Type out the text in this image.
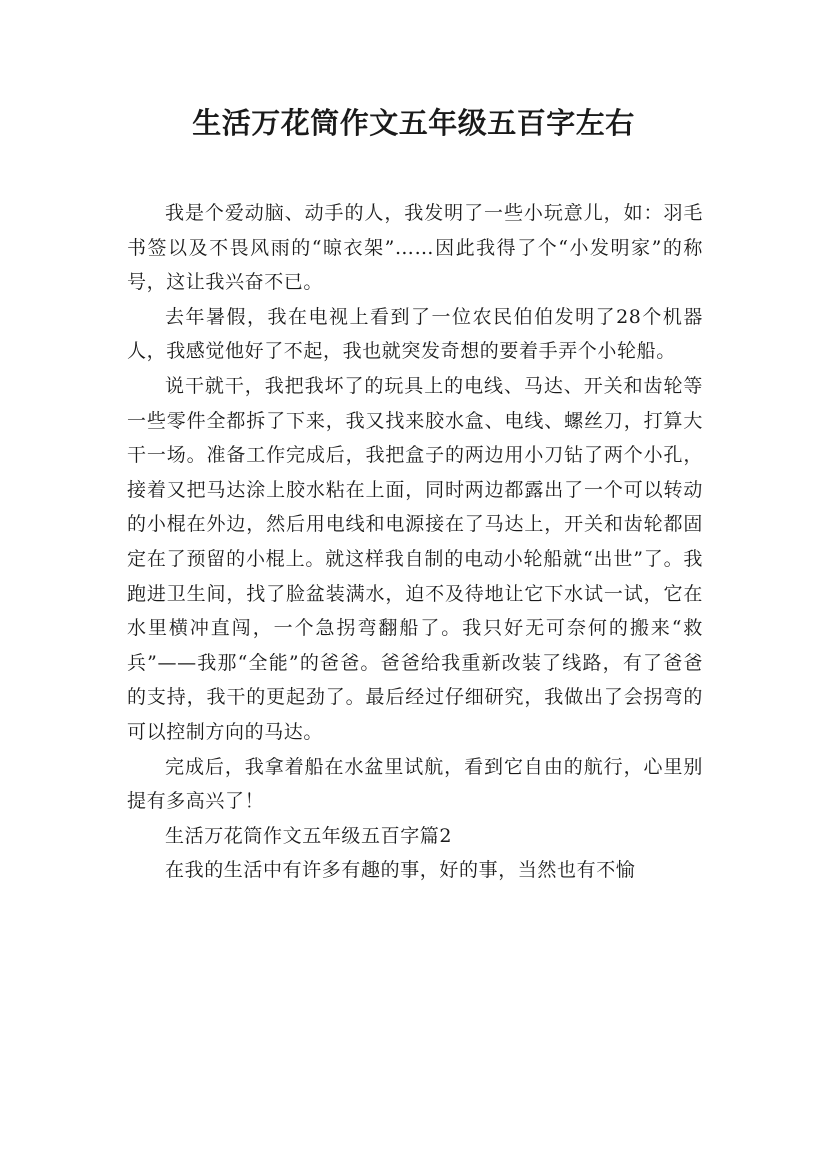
生活万花筒作文五年级五百字左右

我是个爱动脑、动手的人，我发明了一些小玩意儿，如：羽毛书签以及不畏风雨的“晾衣架”……因此我得了个“小发明家”的称号，这让我兴奋不已。

去年暑假，我在电视上看到了一位农民伯伯发明了28个机器人，我感觉他好了不起，我也就突发奇想的要着手弄个小轮船。

说干就干，我把我坏了的玩具上的电线、马达、开关和齿轮等一些零件全都拆了下来，我又找来胶水盒、电线、螺丝刀，打算大干一场。准备工作完成后，我把盒子的两边用小刀钻了两个小孔，接着又把马达涂上胶水粘在上面，同时两边都露出了一个可以转动的小棍在外边，然后用电线和电源接在了马达上，开关和齿轮都固定在了预留的小棍上。就这样我自制的电动小轮船就“出世”了。我跑进卫生间，找了脸盆装满水，迫不及待地让它下水试一试，它在水里横冲直闯，一个急拐弯翻船了。我只好无可奈何的搬来“救兵”——我那“全能”的爸爸。爸爸给我重新改装了线路，有了爸爸的支持，我干的更起劲了。最后经过仔细研究，我做出了会拐弯的可以控制方向的马达。

完成后，我拿着船在水盆里试航，看到它自由的航行，心里别提有多高兴了！

生活万花筒作文五年级五百字篇2

在我的生活中有许多有趣的事，好的事，当然也有不愉
